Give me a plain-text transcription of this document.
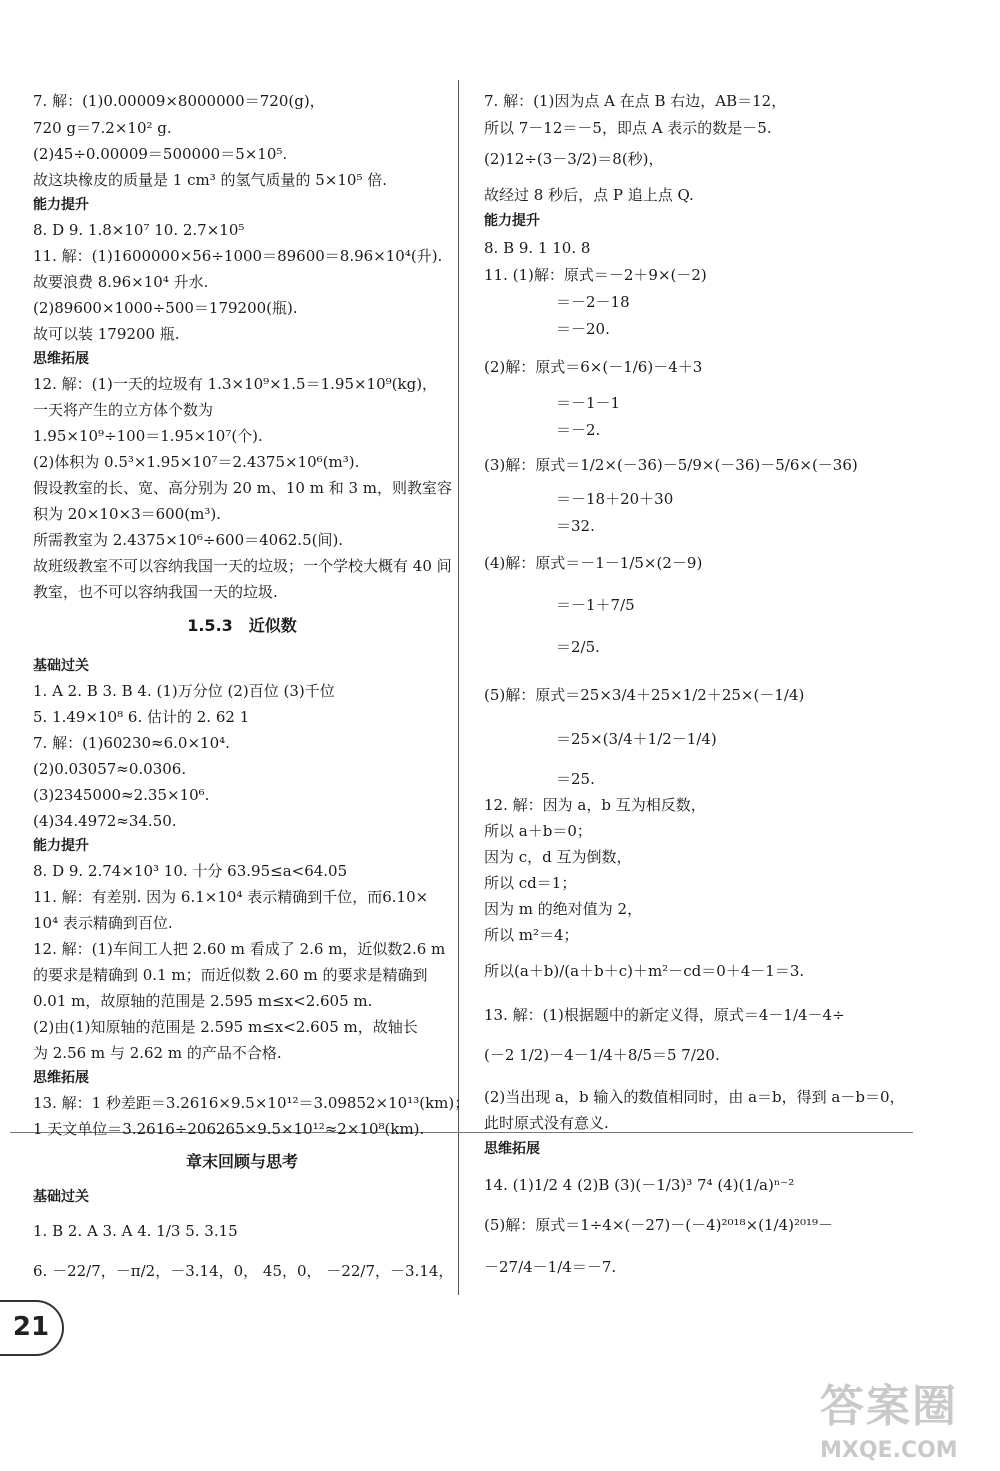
7. 解：(1)0.00009×8000000＝720(g)，
720 g＝7.2×10² g.
(2)45÷0.00009＝500000＝5×10⁵.
故这块橡皮的质量是 1 cm³ 的氢气质量的 5×10⁵ 倍.
能力提升
8. D 9. 1.8×10⁷ 10. 2.7×10⁵
11. 解：(1)1600000×56÷1000＝89600＝8.96×10⁴(升).
故要浪费 8.96×10⁴ 升水.
(2)89600×1000÷500＝179200(瓶).
故可以装 179200 瓶.
思维拓展
12. 解：(1)一天的垃圾有 1.3×10⁹×1.5＝1.95×10⁹(kg)，
一天将产生的立方体个数为
1.95×10⁹÷100＝1.95×10⁷(个).
(2)体积为 0.5³×1.95×10⁷＝2.4375×10⁶(m³).
假设教室的长、宽、高分别为 20 m、10 m 和 3 m，则教室容
积为 20×10×3＝600(m³).
所需教室为 2.4375×10⁶÷600＝4062.5(间).
故班级教室不可以容纳我国一天的垃圾；一个学校大概有 40 间
教室，也不可以容纳我国一天的垃圾.
1.5.3　近似数
基础过关
1. A 2. B 3. B 4. (1)万分位 (2)百位 (3)千位
5. 1.49×10⁸ 6. 估计的 2. 62 1
7. 解：(1)60230≈6.0×10⁴.
(2)0.03057≈0.0306.
(3)2345000≈2.35×10⁶.
(4)34.4972≈34.50.
能力提升
8. D 9. 2.74×10³ 10. 十分 63.95≤a<64.05
11. 解：有差别. 因为 6.1×10⁴ 表示精确到千位，而6.10×
10⁴ 表示精确到百位.
12. 解：(1)车间工人把 2.60 m 看成了 2.6 m，近似数2.6 m
的要求是精确到 0.1 m；而近似数 2.60 m 的要求是精确到
0.01 m，故原轴的范围是 2.595 m≤x<2.605 m.
(2)由(1)知原轴的范围是 2.595 m≤x<2.605 m，故轴长
为 2.56 m 与 2.62 m 的产品不合格.
思维拓展
13. 解：1 秒差距＝3.2616×9.5×10¹²＝3.09852×10¹³(km)；
1 天文单位＝3.2616÷206265×9.5×10¹²≈2×10⁸(km).
章末回顾与思考
基础过关
1. B 2. A 3. A 4. 1/3 5. 3.15
6. －22/7，－π/2，－3.14，0， 45，0， －22/7，－3.14，
7. 解：(1)因为点 A 在点 B 右边，AB＝12，
所以 7－12＝－5，即点 A 表示的数是－5.
(2)12÷(3－3/2)＝8(秒)，
故经过 8 秒后，点 P 追上点 Q.
能力提升
8. B 9. 1 10. 8
11. (1)解：原式＝－2＋9×(－2)
＝－2－18
＝－20.
(2)解：原式＝6×(－1/6)－4＋3
＝－1－1
＝－2.
(3)解：原式＝1/2×(－36)－5/9×(－36)－5/6×(－36)
＝－18＋20＋30
＝32.
(4)解：原式＝－1－1/5×(2－9)
＝－1＋7/5
＝2/5.
(5)解：原式＝25×3/4＋25×1/2＋25×(－1/4)
＝25×(3/4＋1/2－1/4)
＝25.
12. 解：因为 a，b 互为相反数，
所以 a＋b＝0；
因为 c，d 互为倒数，
所以 cd＝1；
因为 m 的绝对值为 2，
所以 m²＝4；
所以(a＋b)/(a＋b＋c)＋m²－cd＝0＋4－1＝3.
13. 解：(1)根据题中的新定义得，原式＝4－1/4－4÷
(－2 1/2)－4－1/4＋8/5＝5 7/20.
(2)当出现 a，b 输入的数值相同时，由 a＝b，得到 a－b＝0，
此时原式没有意义.
思维拓展
14. (1)1/2 4 (2)B (3)(－1/3)³ 7⁴ (4)(1/a)ⁿ⁻²
(5)解：原式＝1÷4×(－27)－(－4)²⁰¹⁸×(1/4)²⁰¹⁹－
－27/4－1/4＝－7.
21
答案圈
MXQE.COM
